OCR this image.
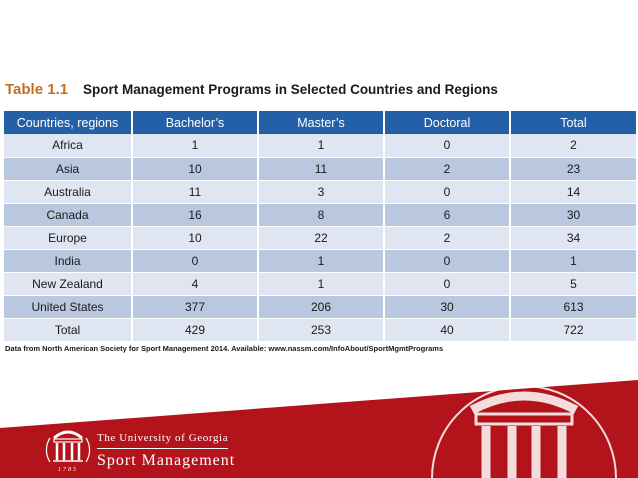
Table 1.1	Sport Management Programs in Selected Countries and Regions
Countries, regions	Bachelor’s	Master’s	Doctoral	Total
Africa	1	1	0	2
Asia	10	11	2	23
Australia	11	3	0	14
Canada	16	8	6	30
Europe	10	22	2	34
India	0	1	0	1
New Zealand	4	1	0	5
United States	377	206	30	613
Total	429	253	40	722
Data from North American Society for Sport Management 2014. Available: www.nassm.com/InfoAbout/SportMgmtPrograms
1785
The University of Georgia
Sport Management
